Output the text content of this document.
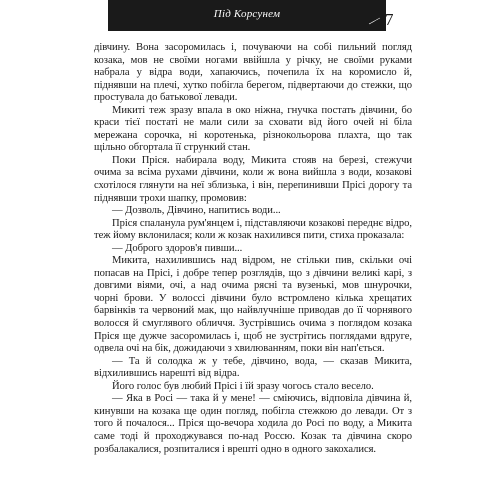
Під Корсунем	7

дівчину. Вона засоромилась і, почуваючи на собі пильний погляд козака, мов не своїми ногами ввійшла у річку, не своїми руками набрала у відра води, хапаючись, почепила їх на коромисло й, піднявши на плечі, хутко побігла берегом, підвертаючи до стежки, що простувала до батькової левади.

Микиті теж зразу впала в око ніжна, гнучка постать дівчини, бо краси тієї постаті не мали сили за сховати від його очей ні біла мережана сорочка, ні коротенька, різнокольорова плахта, що так щільно обгортала її стрункий стан.

Поки Пріся. набирала воду, Микита стояв на березі, стежучи очима за всіма рухами дівчини, коли ж вона вийшла з води, козакові схотілося глянути на неї зблизька, і він, перепинивши Прісі дорогу та піднявши трохи шапку, промовив:

— Дозволь, Дівчино, напитись води...

Пріся спаланула рум'янцем і, підставляючи козакові переднє відро, теж йому вклонилася; коли ж козак нахилився пити, стиха проказала:

— Доброго здоров'я пивши...

Микита, нахилившись над відром, не стільки пив, скільки очі попасав на Прісі, і добре тепер розглядів, що з дівчини великі карі, з довгими віями, очі, а над очима рясні та вузенькі, мов шнурочки, чорні брови. У волоссі дівчини було встромлено кілька хрещатих барвінків та червоний мак, що найвлучніше приводав до її чорнявого волосся й смуглявого обличчя. Зустрівшись очима з поглядом козака Пріся ще дужче засоромилась і, щоб не зустрітись поглядами вдруге, одвела очі на бік, дожидаючи з хвилюванням, поки він нап'ється.

— Та й солодка ж у тебе, дівчино, вода, — сказав Микита, відхилившись нарешті від відра.

Його голос був любий Прісі і їй зразу чогось стало весело.

— Яка в Росі — така й у мене! — сміючись, відповіла дівчина й, кинувши на козака ще один погляд, побігла стежкою до левади. От з того й почалося... Пріся що-вечора ходила до Росі по воду, а Микита саме тоді й проходжувався по-над Россю. Козак та дівчина скоро розбалакалися, розпиталися і врешті одно в одного закохалися.
